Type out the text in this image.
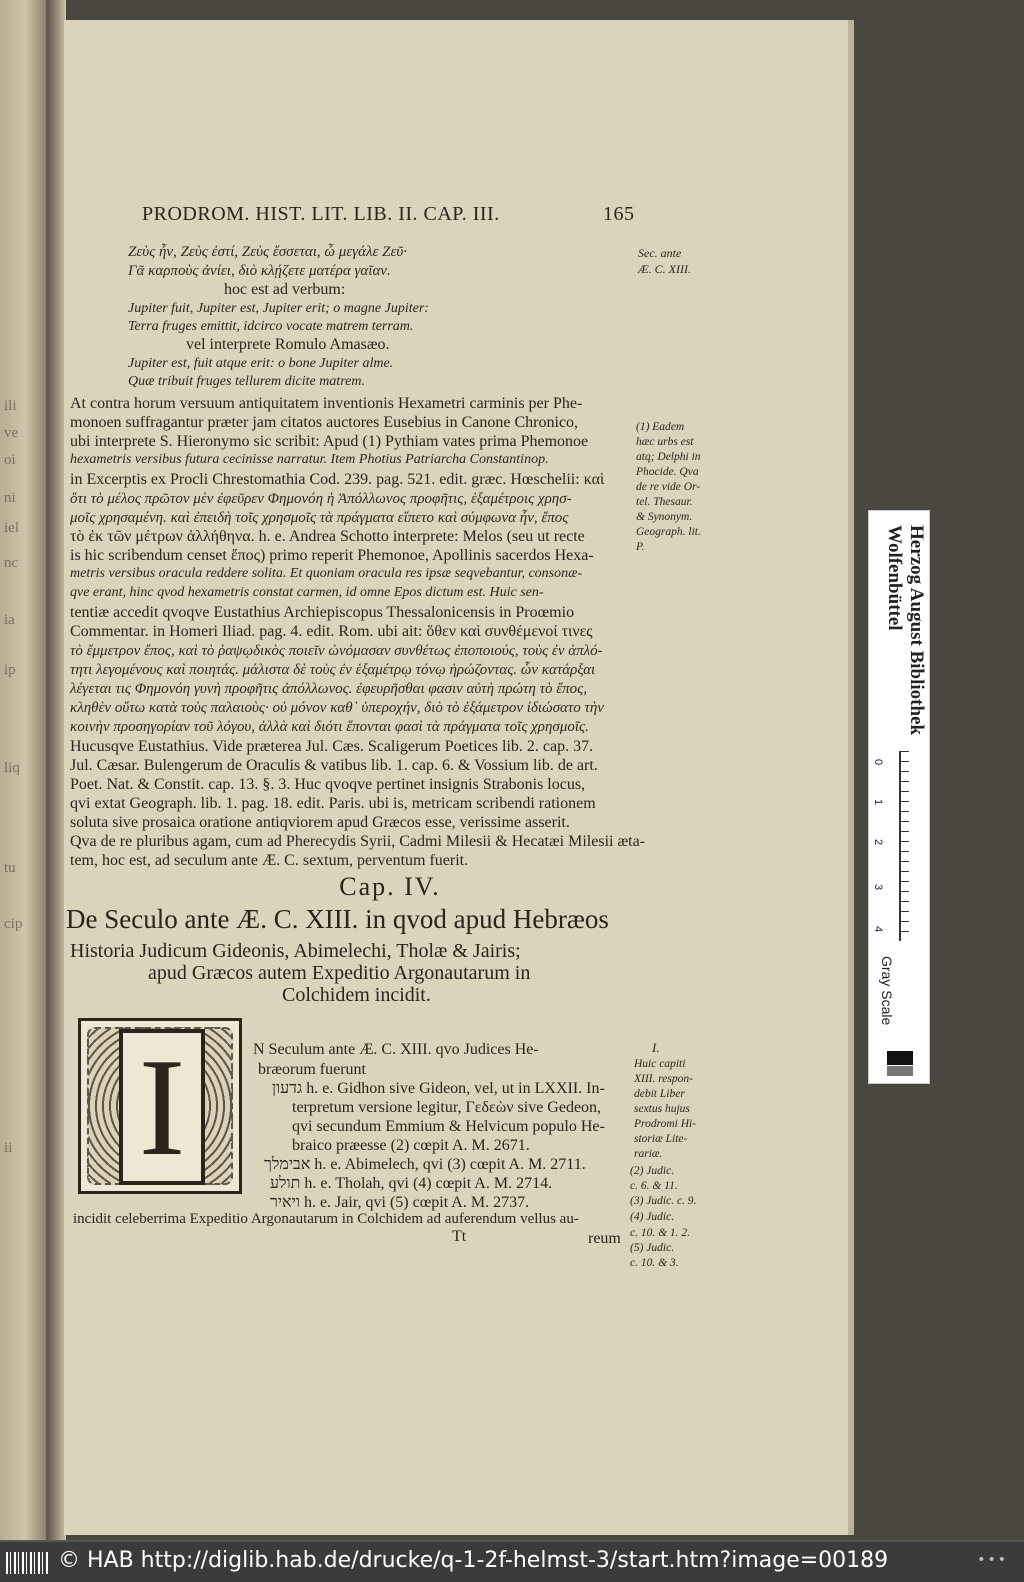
ili
ve
oi
ni
iel
nc
ia
ip
liq
tu
cip
ii
PRODROM. HIST. LIT. LIB. II. CAP. III.	165
Ζεὺς ἦν, Ζεὺς ἐστί, Ζεὺς ἔσσεται, ὦ μεγάλε Ζεῦ·
Γᾶ καρποὺς ἀνίει, διὸ κλῄζετε ματέρα γαῖαν.
hoc est ad verbum:
Jupiter fuit, Jupiter est, Jupiter erit; o magne Jupiter:
Terra fruges emittit, idcirco vocate matrem terram.
vel interprete Romulo Amasæo.
Jupiter est, fuit atque erit: o bone Jupiter alme.
Quæ tribuit fruges tellurem dicite matrem.
Sec. ante
Æ. C. XIII.
At contra horum versuum antiquitatem inventionis Hexametri carminis per Phe-
monoen suffragantur præter jam citatos auctores Eusebius in Canone Chronico,
ubi interprete S. Hieronymo sic scribit: Apud (1) Pythiam vates prima Phemonoe
hexametris versibus futura cecinisse narratur. Item Photius Patriarcha Constantinop.
in Excerptis ex Procli Chrestomathia Cod. 239. pag. 521. edit. græc. Hœschelii: καὶ
ὅτι τὸ μέλος πρῶτον μὲν ἐφεῦρεν Φημονόη ἡ Ἀπόλλωνος προφῆτις, ἑξαμέτροις χρησ-
μοῖς χρησαμένη. καὶ ἐπειδὴ τοῖς χρησμοῖς τὰ πράγματα εἵπετο καὶ σύμφωνα ἦν, ἔπος
τὸ ἐκ τῶν μέτρων ἀλλήθηνα. h. e. Andrea Schotto interprete: Melos (seu ut recte
is hic scribendum censet ἔπος) primo reperit Phemonoe, Apollinis sacerdos Hexa-
metris versibus oracula reddere solita. Et quoniam oracula res ipsæ seqvebantur, consonæ-
qve erant, hinc qvod hexametris constat carmen, id omne Epos dictum est. Huic sen-
tentiæ accedit qvoqve Eustathius Archiepiscopus Thessalonicensis in Proœmio
Commentar. in Homeri Iliad. pag. 4. edit. Rom. ubi ait: ὅθεν καὶ συνθέμενοί τινες
τὸ ἔμμετρον ἔπος, καὶ τὸ ῥαψῳδικὸς ποιεῖν ὠνόμασαν συνθέτως ἐποποιούς, τοὺς ἐν ἁπλό-
τητι λεγομένους καὶ ποιητάς. μάλιστα δὲ τοὺς ἐν ἑξαμέτρῳ τόνῳ ἡρώζοντας. ὧν κατάρξαι
λέγεται τις Φημονόη γυνὴ προφῆτις ἀπόλλωνος. ἐφευρῆσθαι φασιν αὐτὴ πρώτη τὸ ἔπος,
κληθὲν οὕτω κατὰ τοὺς παλαιοὺς· οὐ μόνον καθ᾽ ὑπεροχήν, διὸ τὸ ἑξάμετρον ἰδιώσατο τὴν
κοινὴν προσηγορίαν τοῦ λόγου, ἀλλὰ καὶ διότι ἕπονται φασὶ τὰ πράγματα τοῖς χρησμοῖς.
Hucusqve Eustathius. Vide præterea Jul. Cæs. Scaligerum Poetices lib. 2. cap. 37.
Jul. Cæsar. Bulengerum de Oraculis & vatibus lib. 1. cap. 6. & Vossium lib. de art.
Poet. Nat. & Constit. cap. 13. §. 3. Huc qvoqve pertinet insignis Strabonis locus,
qvi extat Geograph. lib. 1. pag. 18. edit. Paris. ubi is, metricam scribendi rationem
soluta sive prosaica oratione antiqviorem apud Græcos esse, verissime asserit.
Qva de re pluribus agam, cum ad Pherecydis Syrii, Cadmi Milesii & Hecatæi Milesii æta-
tem, hoc est, ad seculum ante Æ. C. sextum, perventum fuerit.
(1) Eadem
hæc urbs est
atq; Delphi in
Phocide. Qva
de re vide Or-
tel. Thesaur.
& Synonym.
Geograph. lit.
P.
Cap. IV.
De Seculo ante Æ. C. XIII. in qvod apud Hebræos
Historia Judicum Gideonis, Abimelechi, Tholæ & Jairis;
apud Græcos autem Expeditio Argonautarum in
Colchidem incidit.
I	N Seculum ante Æ. C. XIII. qvo Judices He-
bræorum fuerunt
גדעון h. e. Gidhon sive Gideon, vel, ut in LXXII. In-
terpretum versione legitur, Γεδεὼν sive Gedeon,
qvi secundum Emmium & Helvicum populo He-
braico præesse (2) cœpit A. M. 2671.
אבימלך h. e. Abimelech, qvi (3) cœpit A. M. 2711.
תולע h. e. Tholah, qvi (4) cœpit A. M. 2714.
ויאיר h. e. Jair, qvi (5) cœpit A. M. 2737.
incidit celeberrima Expeditio Argonautarum in Colchidem ad auferendum vellus au-
Tt	reum
I.
Huic capiti
XIII. respon-
debit Liber
sextus hujus
Prodromi Hi-
storiæ Lite-
rariæ.
(2) Judic.
c. 6. & 11.
(3) Judic. c. 9.
(4) Judic.
c. 10. & 1. 2.
(5) Judic.
c. 10. & 3.
Herzog August Bibliothek
Wolfenbüttel
0
1
2
3
4
Gray Scale
© HAB http://diglib.hab.de/drucke/q-1-2f-helmst-3/start.htm?image=00189	•••
